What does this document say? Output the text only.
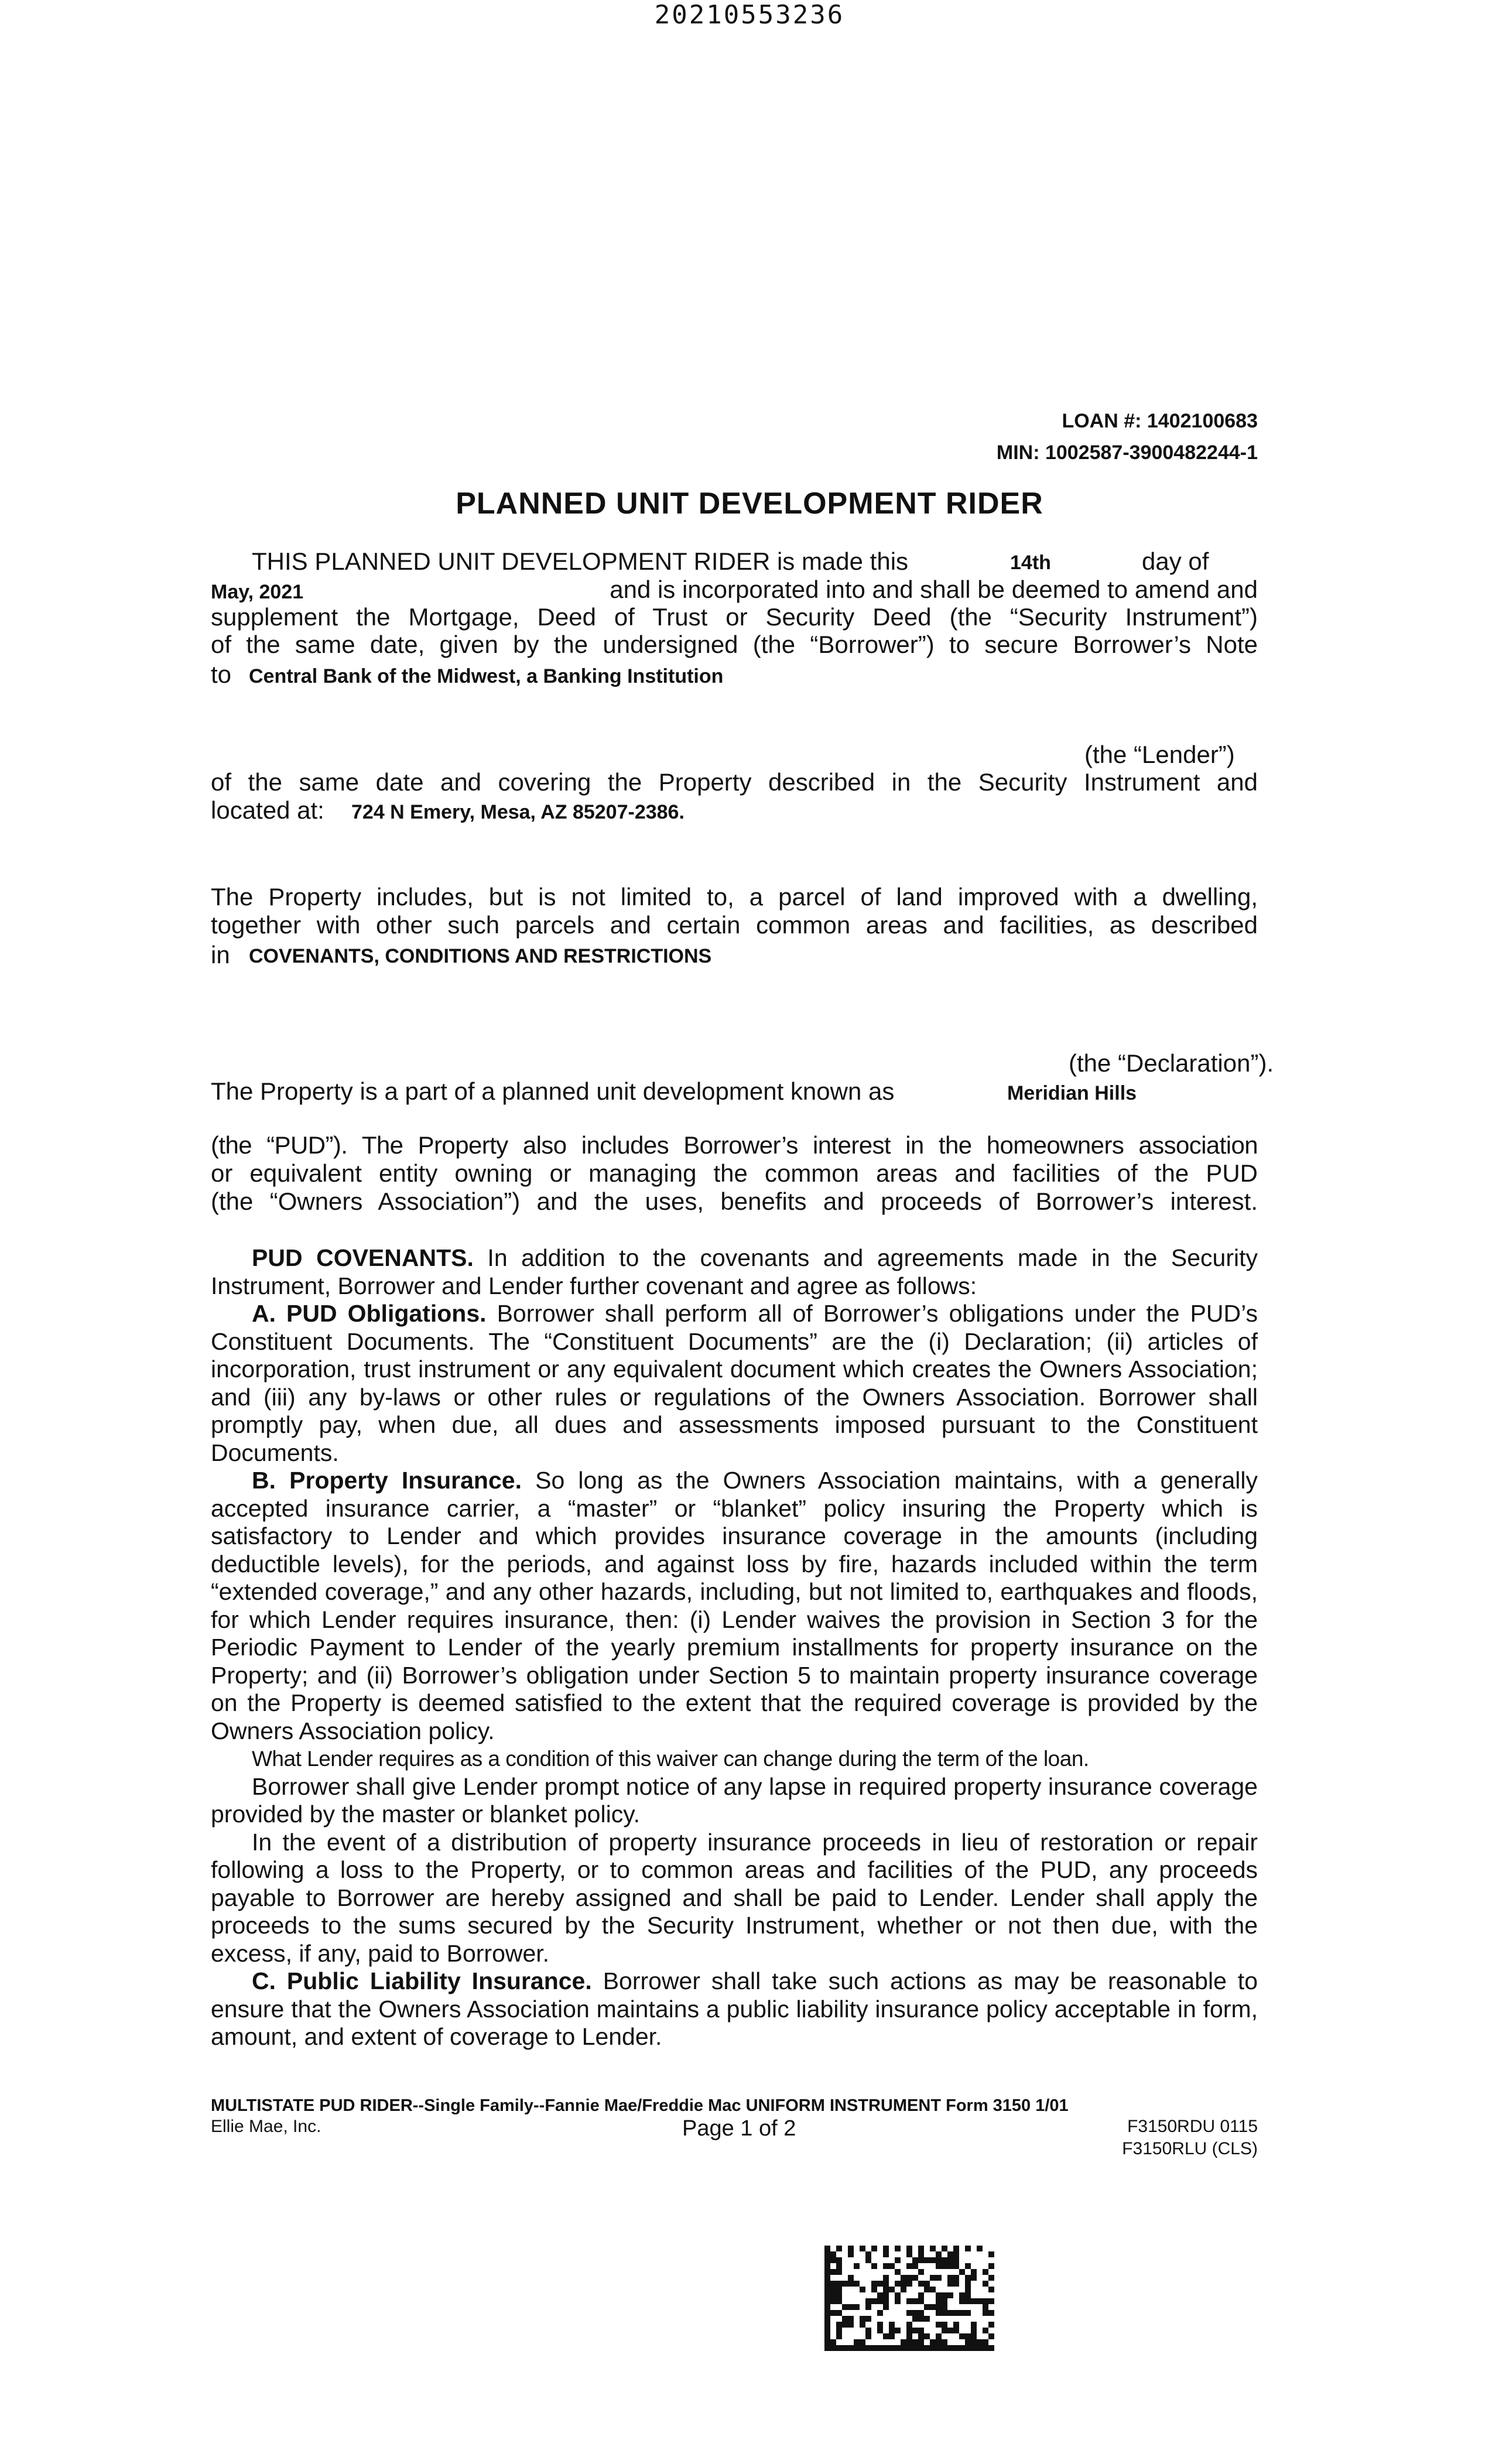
20210553236
LOAN #: 1402100683
MIN: 1002587-3900482244-1
PLANNED UNIT DEVELOPMENT RIDER
THIS PLANNED UNIT DEVELOPMENT RIDER is made this	14th	day of
May, 2021	and is incorporated into and shall be deemed to amend and
supplement the Mortgage, Deed of Trust or Security Deed (the “Security Instrument”)
of the same date, given by the undersigned (the “Borrower”) to secure Borrower’s Note
to Central Bank of the Midwest, a Banking Institution
(the “Lender”)
of the same date and covering the Property described in the Security Instrument and
located at: 724 N Emery, Mesa, AZ 85207-2386.
The Property includes, but is not limited to, a parcel of land improved with a dwelling,
together with other such parcels and certain common areas and facilities, as described
in COVENANTS, CONDITIONS AND RESTRICTIONS
(the “Declaration”).
The Property is a part of a planned unit development known as	Meridian Hills
(the “PUD”). The Property also includes Borrower’s interest in the homeowners association
or equivalent entity owning or managing the common areas and facilities of the PUD
(the “Owners Association”) and the uses, benefits and proceeds of Borrower’s interest.

PUD COVENANTS. In addition to the covenants and agreements made in the Security Instrument, Borrower and Lender further covenant and agree as follows:

A. PUD Obligations. Borrower shall perform all of Borrower’s obligations under the PUD’s Constituent Documents. The “Constituent Documents” are the (i) Declaration; (ii) articles of incorporation, trust instrument or any equivalent document which creates the Owners Association; and (iii) any by-laws or other rules or regulations of the Owners Association. Borrower shall promptly pay, when due, all dues and assessments imposed pursuant to the Constituent Documents.

B. Property Insurance. So long as the Owners Association maintains, with a generally accepted insurance carrier, a “master” or “blanket” policy insuring the Property which is satisfactory to Lender and which provides insurance coverage in the amounts (including deductible levels), for the periods, and against loss by fire, hazards included within the term “extended coverage,” and any other hazards, including, but not limited to, earthquakes and floods, for which Lender requires insurance, then: (i) Lender waives the provision in Section 3 for the Periodic Payment to Lender of the yearly premium installments for property insurance on the Property; and (ii) Borrower’s obligation under Section 5 to maintain property insurance coverage on the Property is deemed satisfied to the extent that the required coverage is provided by the Owners Association policy.

What Lender requires as a condition of this waiver can change during the term of the loan.

Borrower shall give Lender prompt notice of any lapse in required property insurance coverage provided by the master or blanket policy.

In the event of a distribution of property insurance proceeds in lieu of restoration or repair following a loss to the Property, or to common areas and facilities of the PUD, any proceeds payable to Borrower are hereby assigned and shall be paid to Lender. Lender shall apply the proceeds to the sums secured by the Security Instrument, whether or not then due, with the excess, if any, paid to Borrower.

C. Public Liability Insurance. Borrower shall take such actions as may be reasonable to ensure that the Owners Association maintains a public liability insurance policy acceptable in form, amount, and extent of coverage to Lender.

MULTISTATE PUD RIDER--Single Family--Fannie Mae/Freddie Mac UNIFORM INSTRUMENT Form 3150 1/01
Ellie Mae, Inc.	Page 1 of 2	F3150RDU 0115
F3150RLU (CLS)
